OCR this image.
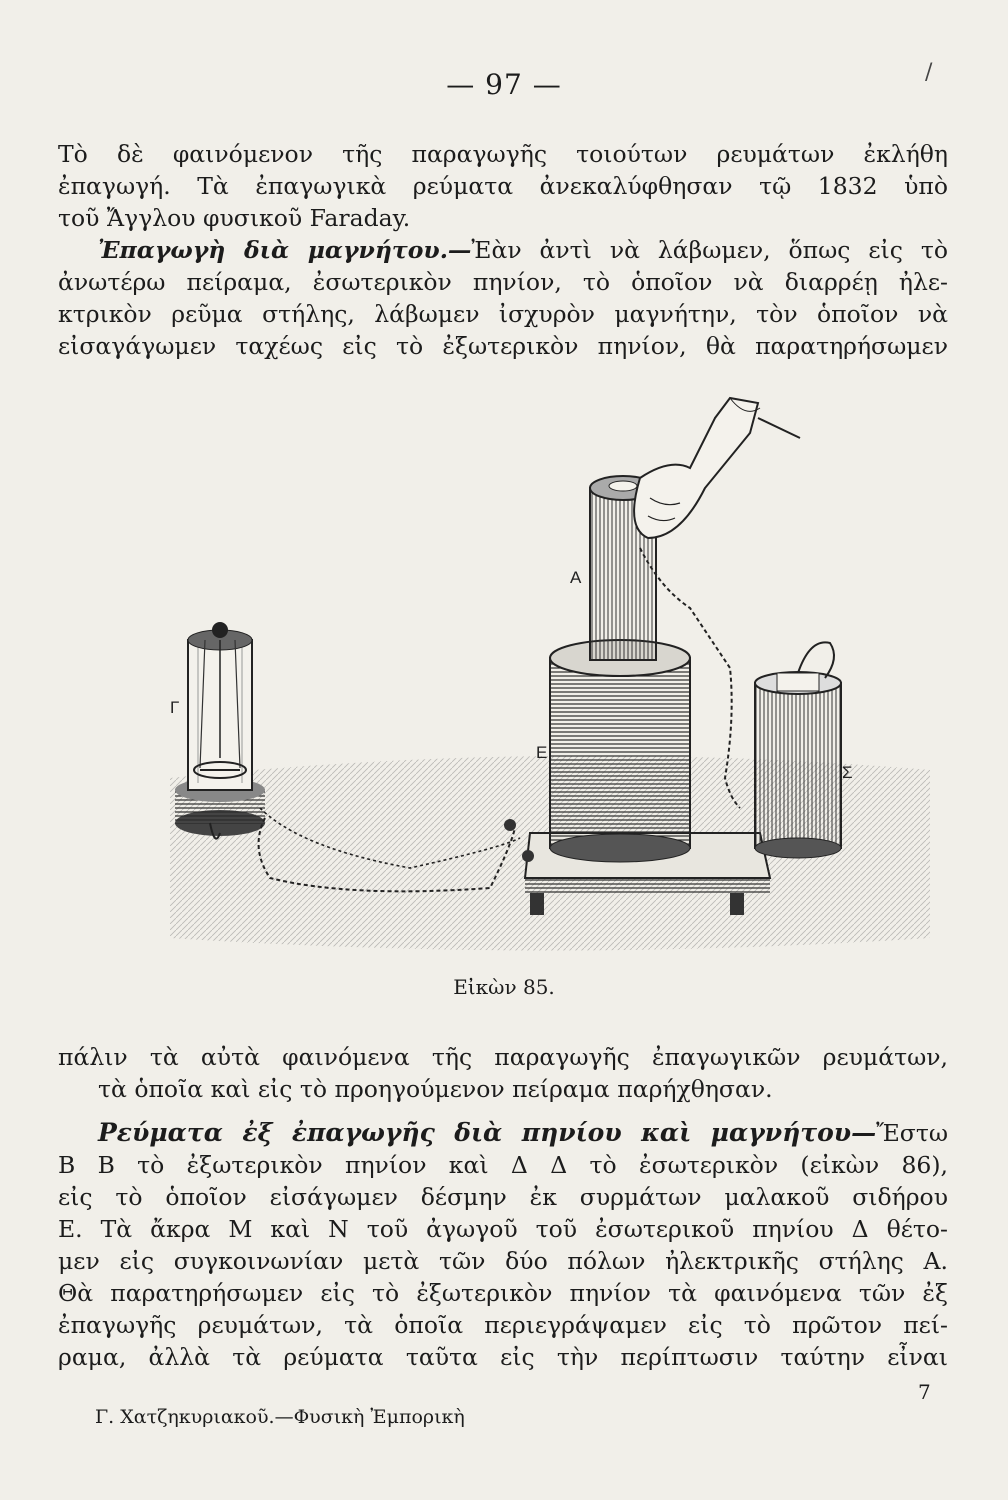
— 97 —	/
Τὸ δὲ φαινόμενον τῆς παραγωγῆς τοιούτων ρευμάτων ἐκλήθη
ἐπαγωγή. Τὰ ἐπαγωγικὰ ρεύματα ἀνεκαλύφθησαν τῷ 1832 ὑπὸ
τοῦ Ἄγγλου φυσικοῦ Faraday.
Ἐπαγωγὴ διὰ μαγνήτου.—Ἐὰν ἀντὶ νὰ λάβωμεν, ὅπως εἰς τὸ
ἀνωτέρω πείραμα, ἐσωτερικὸν πηνίον, τὸ ὁποῖον νὰ διαρρέῃ ἠλε-
κτρικὸν ρεῦμα στήλης, λάβωμεν ἰσχυρὸν μαγνήτην, τὸν ὁποῖον νὰ
εἰσαγάγωμεν ταχέως εἰς τὸ ἐξωτερικὸν πηνίον, θὰ παρατηρήσωμεν
Α
Γ
Ε
Σ
Εἰκὼν 85.
πάλιν τὰ αὐτὰ φαινόμενα τῆς παραγωγῆς ἐπαγωγικῶν ρευμάτων,
τὰ ὁποῖα καὶ εἰς τὸ προηγούμενον πείραμα παρήχθησαν.
Ρεύματα ἐξ ἐπαγωγῆς διὰ πηνίου καὶ μαγνήτου—Ἔστω
Β Β τὸ ἐξωτερικὸν πηνίον καὶ Δ Δ τὸ ἐσωτερικὸν (εἰκὼν 86),
εἰς τὸ ὁποῖον εἰσάγωμεν δέσμην ἐκ συρμάτων μαλακοῦ σιδήρου
Ε. Τὰ ἄκρα Μ καὶ Ν τοῦ ἀγωγοῦ τοῦ ἐσωτερικοῦ πηνίου Δ θέτο-
μεν εἰς συγκοινωνίαν μετὰ τῶν δύο πόλων ἠλεκτρικῆς στήλης Α.
Θὰ παρατηρήσωμεν εἰς τὸ ἐξωτερικὸν πηνίον τὰ φαινόμενα τῶν ἐξ
ἐπαγωγῆς ρευμάτων, τὰ ὁποῖα περιεγράψαμεν εἰς τὸ πρῶτον πεί-
ραμα, ἀλλὰ τὰ ρεύματα ταῦτα εἰς τὴν περίπτωσιν ταύτην εἶναι
7
Γ. Χατζηκυριακοῦ.—Φυσικὴ Ἐμπορικὴ
